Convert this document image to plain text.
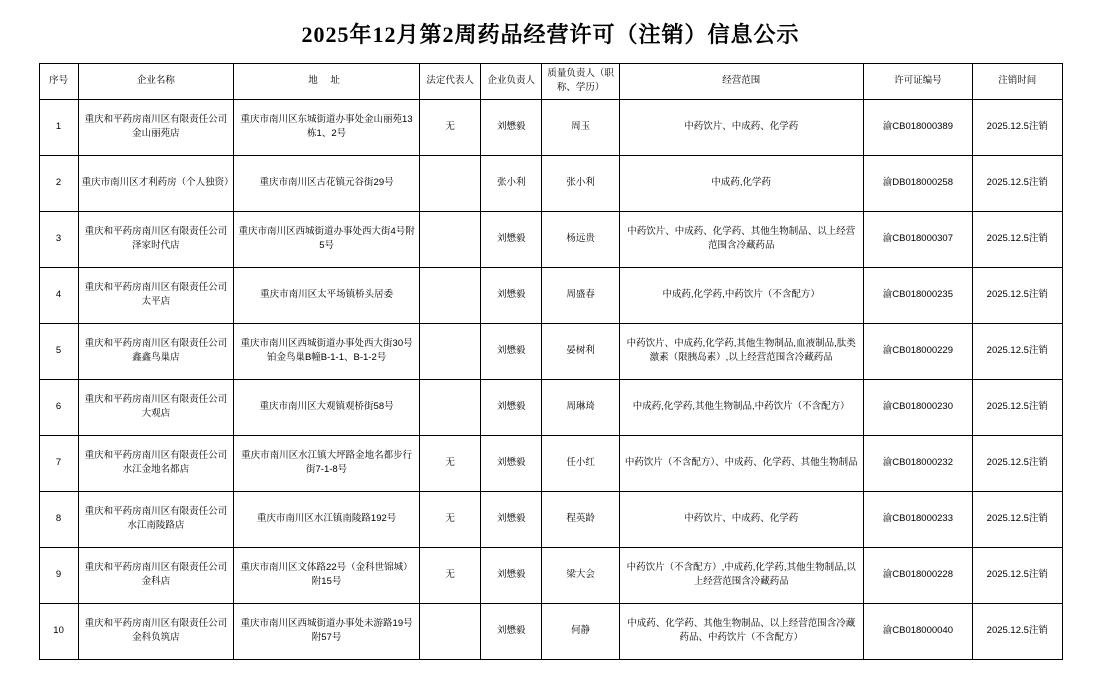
2025年12月第2周药品经营许可（注销）信息公示
序号	企业名称	地 址	法定代表人	企业负责人	质量负责人（职称、学历）	经营范围	许可证编号	注销时间
1	重庆和平药房南川区有限责任公司金山丽苑店	重庆市南川区东城街道办事处金山丽苑13栋1、2号	无	刘懋毅	周玉	中药饮片、中成药、化学药	渝CB018000389	2025.12.5注销
2	重庆市南川区才利药房（个人独资）	重庆市南川区古花镇元谷街29号		张小利	张小利	中成药,化学药	渝DB018000258	2025.12.5注销
3	重庆和平药房南川区有限责任公司泽家时代店	重庆市南川区西城街道办事处西大街4号附5号		刘懋毅	杨远贵	中药饮片、中成药、化学药、其他生物制品、以上经营范围含冷藏药品	渝CB018000307	2025.12.5注销
4	重庆和平药房南川区有限责任公司太平店	重庆市南川区太平场镇桥头居委		刘懋毅	周盛春	中成药,化学药,中药饮片（不含配方）	渝CB018000235	2025.12.5注销
5	重庆和平药房南川区有限责任公司鑫鑫鸟巢店	重庆市南川区西城街道办事处西大街30号铂金鸟巢B幢B-1-1、B-1-2号		刘懋毅	晏树利	中药饮片、中成药,化学药,其他生物制品,血液制品,肽类激素（限胰岛素）,以上经营范围含冷藏药品	渝CB018000229	2025.12.5注销
6	重庆和平药房南川区有限责任公司大观店	重庆市南川区大观镇观桥街58号		刘懋毅	周琳琦	中成药,化学药,其他生物制品,中药饮片（不含配方）	渝CB018000230	2025.12.5注销
7	重庆和平药房南川区有限责任公司水江金地名都店	重庆市南川区水江镇大坪路金地名都步行街7-1-8号	无	刘懋毅	任小红	中药饮片（不含配方）、中成药、化学药、其他生物制品	渝CB018000232	2025.12.5注销
8	重庆和平药房南川区有限责任公司水江南陵路店	重庆市南川区水江镇南陵路192号	无	刘懋毅	程英龄	中药饮片、中成药、化学药	渝CB018000233	2025.12.5注销
9	重庆和平药房南川区有限责任公司金科店	重庆市南川区文体路22号（金科世锦城）附15号	无	刘懋毅	梁大会	中药饮片（不含配方）,中成药,化学药,其他生物制品,以上经营范围含冷藏药品	渝CB018000228	2025.12.5注销
10	重庆和平药房南川区有限责任公司金科负筑店	重庆市南川区西城街道办事处未游路19号附57号		刘懋毅	何静	中成药、化学药、其他生物制品、以上经营范围含冷藏药品、中药饮片（不含配方）	渝CB018000040	2025.12.5注销
